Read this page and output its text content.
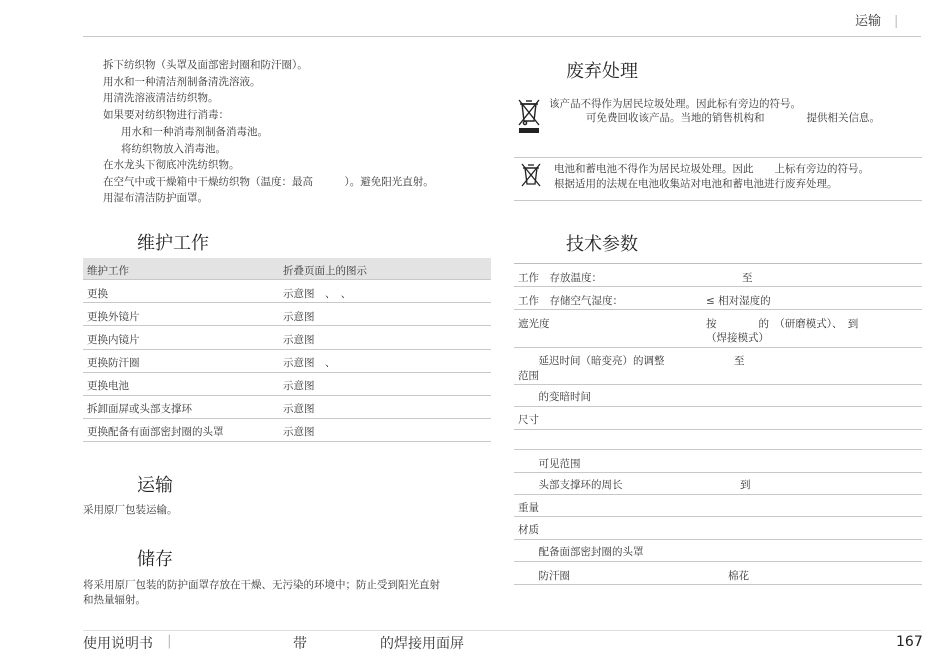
运输 |
拆下纺织物（头罩及面部密封圈和防汗圈）。
用水和一种清洁剂制备清洗溶液。
用清洗溶液清洁纺织物。
如果要对纺织物进行消毒：
用水和一种消毒剂制备消毒池。
将纺织物放入消毒池。
在水龙头下彻底冲洗纺织物。
在空气中或干燥箱中干燥纺织物（温度：最高　　　）。避免阳光直射。
用湿布清洁防护面罩。
维护工作
维护工作	折叠页面上的图示
更换	示意图　、　、
更换外镜片	示意图
更换内镜片	示意图
更换防汗圈	示意图　、
更换电池	示意图
拆卸面屏或头部支撑环	示意图
更换配备有面部密封圈的头罩	示意图
运输
采用原厂包装运输。
储存
将采用原厂包装的防护面罩存放在干燥、无污染的环境中；防止受到阳光直射
和热量辐射。
废弃处理
该产品不得作为居民垃圾处理。因此标有旁边的符号。
可免费回收该产品。当地的销售机构和　　　　提供相关信息。
电池和蓄电池不得作为居民垃圾处理。因此　　上标有旁边的符号。
根据适用的法规在电池收集站对电池和蓄电池进行废弃处理。
技术参数
工作　存放温度：	至
工作　存储空气湿度：	≤ 相对湿度的
遮光度	按　　　　的　（研磨模式）、　到
（焊接模式）
　延迟时间（暗变亮）的调整	至
范围
　的变暗时间
尺寸
　可见范围
　头部支撑环的周长	到
重量
材质
　配备面部密封圈的头罩
　防汗圈	棉花
使用说明书 |	带	的焊接用面屏	167
